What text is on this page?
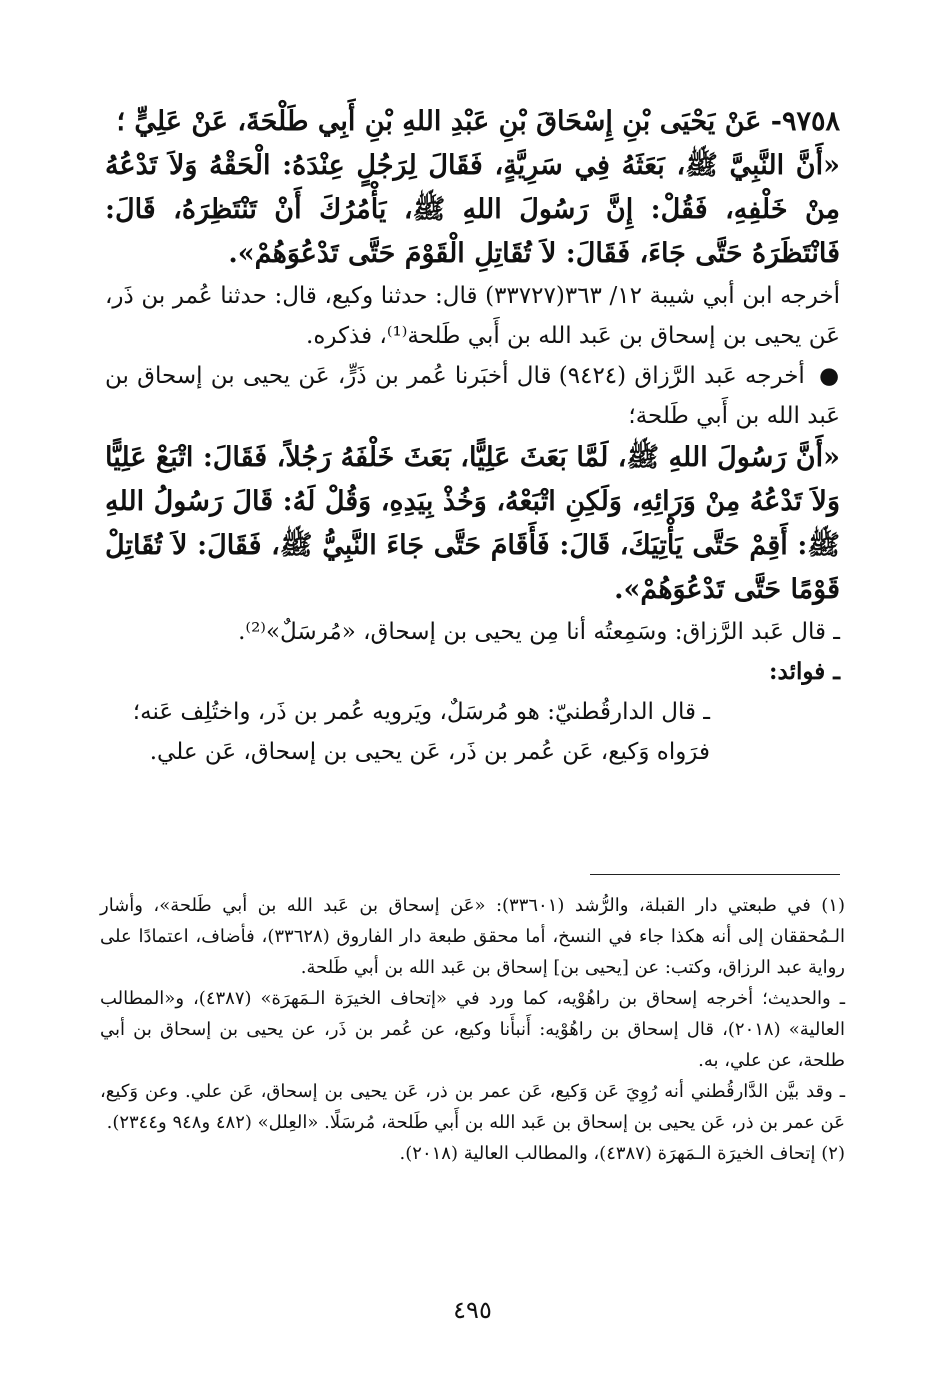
٩٧٥٨- عَنْ يَحْيَى بْنِ إِسْحَاقَ بْنِ عَبْدِ اللهِ بْنِ أَبِي طَلْحَةَ، عَنْ عَلِيٍّ ؛

«أَنَّ النَّبِيَّ ﷺ، بَعَثَهُ فِي سَرِيَّةٍ، فَقَالَ لِرَجُلٍ عِنْدَهُ: الْحَقْهُ وَلاَ تَدْعُهُ مِنْ خَلْفِهِ، فَقُلْ: إِنَّ رَسُولَ اللهِ ﷺ، يَأْمُرُكَ أَنْ تَنْتَظِرَهُ، قَالَ: فَانْتَظَرَهُ حَتَّى جَاءَ، فَقَالَ: لاَ تُقَاتِلِ الْقَوْمَ حَتَّى تَدْعُوَهُمْ».

أخرجه ابن أبي شيبة ١٢/ ٣٦٣(٣٣٧٢٧) قال: حدثنا وكيع، قال: حدثنا عُمر بن ذَر، عَن يحيى بن إسحاق بن عَبد الله بن أَبي طَلحة⁽¹⁾، فذكره.

● أخرجه عَبد الرَّزاق (٩٤٢٤) قال أخبَرنا عُمر بن ذَرٍّ، عَن يحيى بن إسحاق بن عَبد الله بن أَبي طَلحة؛

«أَنَّ رَسُولَ اللهِ ﷺ، لَمَّا بَعَثَ عَلِيًّا، بَعَثَ خَلْفَهُ رَجُلاً، فَقَالَ: اتْبَعْ عَلِيًّا وَلاَ تَدْعُهُ مِنْ وَرَائِهِ، وَلَكِنِ اتْبَعْهُ، وَخُذْ بِيَدِهِ، وَقُلْ لَهُ: قَالَ رَسُولُ اللهِ ﷺ: أَقِمْ حَتَّى يَأْتِيَكَ، قَالَ: فَأَقَامَ حَتَّى جَاءَ النَّبِيُّ ﷺ، فَقَالَ: لاَ تُقَاتِلْ قَوْمًا حَتَّى تَدْعُوَهُمْ».

ـ قال عَبد الرَّزاق: وسَمِعتُه أنا مِن يحيى بن إسحاق، «مُرسَلٌ»⁽²⁾.

ـ فوائد:

ـ قال الدارقُطنيّ: هو مُرسَلٌ، ويَرويه عُمر بن ذَر، واختُلِف عَنه؛

فرَواه وَكيع، عَن عُمر بن ذَر، عَن يحيى بن إسحاق، عَن علي.

(١) في طبعتي دار القبلة، والرُّشد (٣٣٦٠١): «عَن إسحاق بن عَبد الله بن أبي طَلحة»، وأشار الـمُحققان إلى أنه هكذا جاء في النسخ، أما محقق طبعة دار الفاروق (٣٣٦٢٨)، فأضاف، اعتمادًا على رواية عبد الرزاق، وكتب: عن [يحيى بن] إسحاق بن عَبد الله بن أبي طَلحة.

ـ والحديث؛ أخرجه إسحاق بن راهُوْيه، كما ورد في «إتحاف الخيرَة الـمَهرَة» (٤٣٨٧)، و«المطالب العالية» (٢٠١٨)، قال إسحاق بن راهُوْيه: أَنبأَنا وكيع، عن عُمر بن ذَر، عن يحيى بن إسحاق بن أبي طلحة، عن علي، به.

ـ وقد بيَّن الدَّارقُطني أنه رُوِيَ عَن وَكيع، عَن عمر بن ذر، عَن يحيى بن إسحاق، عَن علي. وعن وَكيع، عَن عمر بن ذر، عَن يحيى بن إسحاق بن عَبد الله بن أَبي طَلحة، مُرسَلًا. «العِلل» (٤٨٢ و٩٤٨ و٢٣٤٤).

(٢) إتحاف الخيرَة الـمَهرَة (٤٣٨٧)، والمطالب العالية (٢٠١٨).

٤٩٥
